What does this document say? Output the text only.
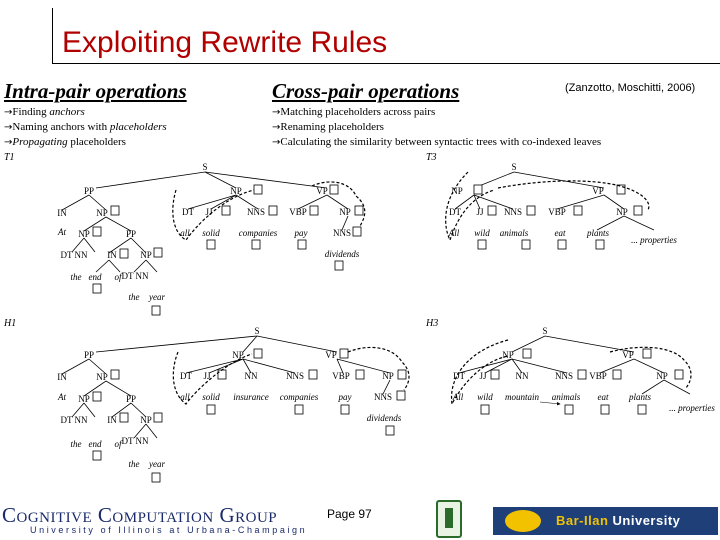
Exploiting Rewrite Rules
Intra-pair operations	Cross-pair operations	(Zanzotto, Moschitti, 2006)
→Finding anchors
→Naming anchors with placeholders
→Propagating placeholders
→Matching placeholders across pairs
→Renaming placeholders
→Calculating the similarity between syntactic trees with co-indexed leaves
T1	T3
H1	H3
S
PP	NP	VP
IN	NP
NP	PP
DT JJ	NNS	VBP	NP
DT NN IN	NP
DT NN
NNS
At	all solid companies pay
dividends
the end of
the year
S
NP	VP
DT JJ NNS	VBP	NP
All wild animals	eat plants
... properties
S
PP	NP	VP
IN	NP
NP	PP
DT JJ	NN	NNS	VBP	NP
DT NN IN	NP
DT NN
NNS
At	all solid insurance companies pay
dividends
the end of
the year
S
NP	VP
DT JJ	NN	NNS VBP	NP
All wild mountain animals eat plants
... properties
Cognitive Computation Group
University of Illinois at Urbana-Champaign
Page 97	Bar-Ilan University
